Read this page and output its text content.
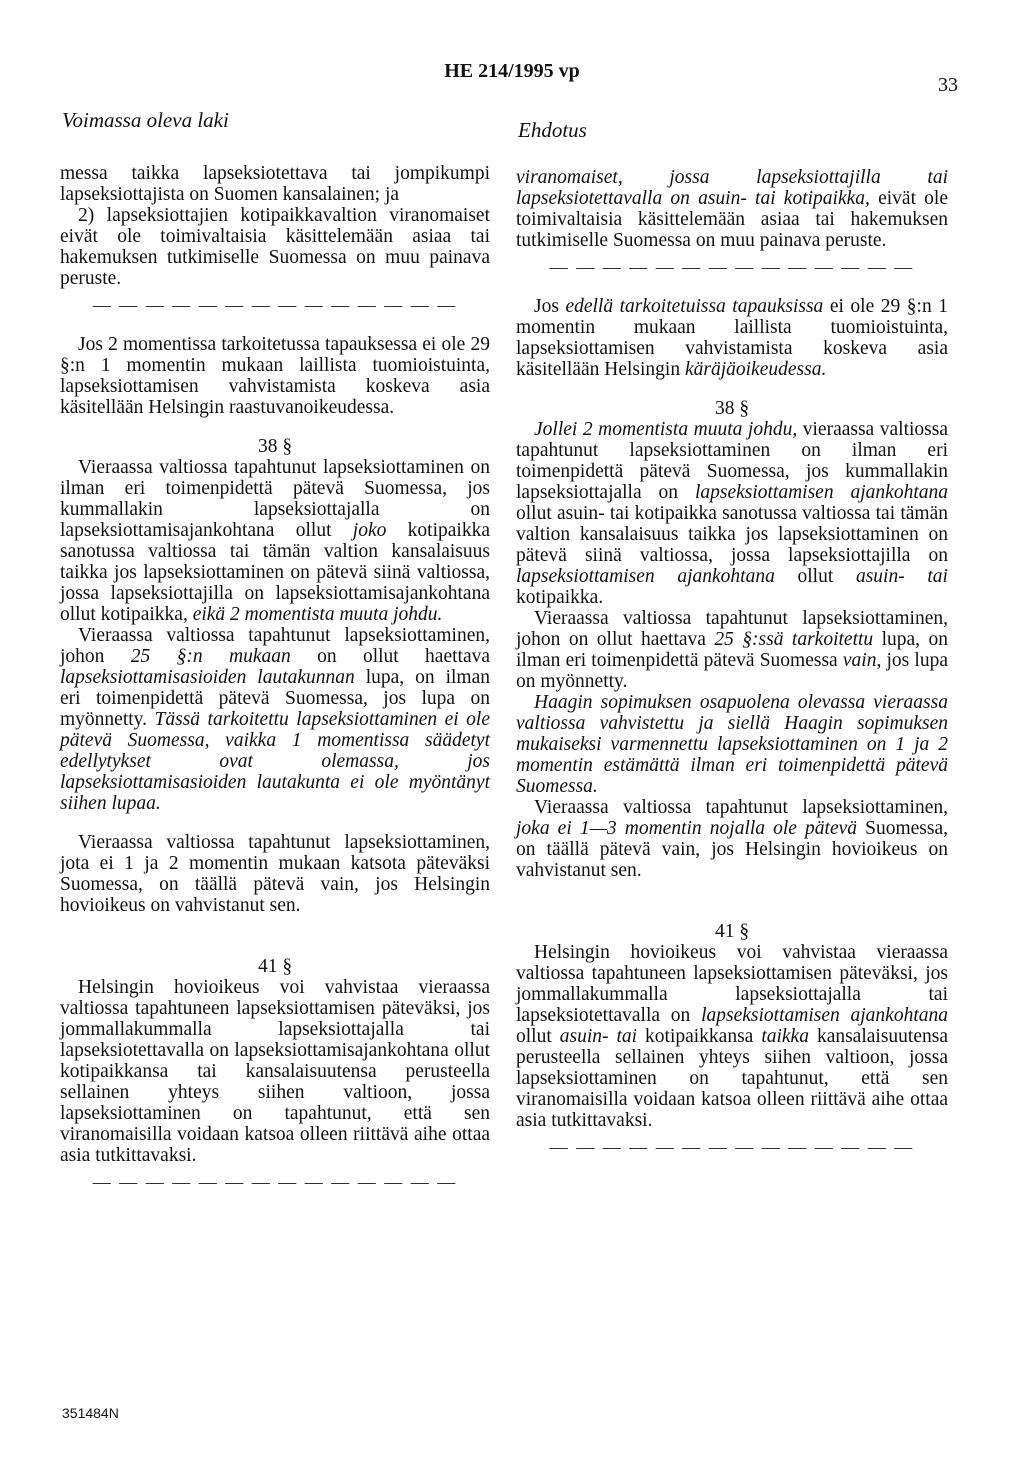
HE 214/1995 vp
33
Voimassa oleva laki	Ehdotus

messa taikka lapseksiotettava tai jompikumpi lapseksiottajista on Suomen kansalainen; ja

2) lapseksiottajien kotipaikkavaltion viranomaiset eivät ole toimivaltaisia käsittelemään asiaa tai hakemuksen tutkimiselle Suomessa on muu painava peruste.

— — — — — — — — — — — — — —

Jos 2 momentissa tarkoitetussa tapauksessa ei ole 29 §:n 1 momentin mukaan laillista tuomioistuinta, lapseksiottamisen vahvistamista koskeva asia käsitellään Helsingin raastuvanoikeudessa.

38 §

Vieraassa valtiossa tapahtunut lapseksiottaminen on ilman eri toimenpidettä pätevä Suomessa, jos kummallakin lapseksiottajalla on lapseksiottamisajankohtana ollut joko kotipaikka sanotussa valtiossa tai tämän valtion kansalaisuus taikka jos lapseksiottaminen on pätevä siinä valtiossa, jossa lapseksiottajilla on lapseksiottamisajankohtana ollut kotipaikka, eikä 2 momentista muuta johdu.

Vieraassa valtiossa tapahtunut lapseksiottaminen, johon 25 §:n mukaan on ollut haettava lapseksiottamisasioiden lautakunnan lupa, on ilman eri toimenpidettä pätevä Suomessa, jos lupa on myönnetty. Tässä tarkoitettu lapseksiottaminen ei ole pätevä Suomessa, vaikka 1 momentissa säädetyt edellytykset ovat olemassa, jos lapseksiottamisasioiden lautakunta ei ole myöntänyt siihen lupaa.

Vieraassa valtiossa tapahtunut lapseksiottaminen, jota ei 1 ja 2 momentin mukaan katsota päteväksi Suomessa, on täällä pätevä vain, jos Helsingin hovioikeus on vahvistanut sen.

41 §

Helsingin hovioikeus voi vahvistaa vieraassa valtiossa tapahtuneen lapseksiottamisen päteväksi, jos jommallakummalla lapseksiottajalla tai lapseksiotettavalla on lapseksiottamisajankohtana ollut kotipaikkansa tai kansalaisuutensa perusteella sellainen yhteys siihen valtioon, jossa lapseksiottaminen on tapahtunut, että sen viranomaisilla voidaan katsoa olleen riittävä aihe ottaa asia tutkittavaksi.

— — — — — — — — — — — — — —

viranomaiset, jossa lapseksiottajilla tai lapseksiotettavalla on asuin- tai kotipaikka, eivät ole toimivaltaisia käsittelemään asiaa tai hakemuksen tutkimiselle Suomessa on muu painava peruste.

— — — — — — — — — — — — — —

Jos edellä tarkoitetuissa tapauksissa ei ole 29 §:n 1 momentin mukaan laillista tuomioistuinta, lapseksiottamisen vahvistamista koskeva asia käsitellään Helsingin käräjäoikeudessa.

38 §

Jollei 2 momentista muuta johdu, vieraassa valtiossa tapahtunut lapseksiottaminen on ilman eri toimenpidettä pätevä Suomessa, jos kummallakin lapseksiottajalla on lapseksiottamisen ajankohtana ollut asuin- tai kotipaikka sanotussa valtiossa tai tämän valtion kansalaisuus taikka jos lapseksiottaminen on pätevä siinä valtiossa, jossa lapseksiottajilla on lapseksiottamisen ajankohtana ollut asuin- tai kotipaikka.

Vieraassa valtiossa tapahtunut lapseksiottaminen, johon on ollut haettava 25 §:ssä tarkoitettu lupa, on ilman eri toimenpidettä pätevä Suomessa vain, jos lupa on myönnetty.

Haagin sopimuksen osapuolena olevassa vieraassa valtiossa vahvistettu ja siellä Haagin sopimuksen mukaiseksi varmennettu lapseksiottaminen on 1 ja 2 momentin estämättä ilman eri toimenpidettä pätevä Suomessa.

Vieraassa valtiossa tapahtunut lapseksiottaminen, joka ei 1—3 momentin nojalla ole pätevä Suomessa, on täällä pätevä vain, jos Helsingin hovioikeus on vahvistanut sen.

41 §

Helsingin hovioikeus voi vahvistaa vieraassa valtiossa tapahtuneen lapseksiottamisen päteväksi, jos jommallakummalla lapseksiottajalla tai lapseksiotettavalla on lapseksiottamisen ajankohtana ollut asuin- tai kotipaikkansa taikka kansalaisuutensa perusteella sellainen yhteys siihen valtioon, jossa lapseksiottaminen on tapahtunut, että sen viranomaisilla voidaan katsoa olleen riittävä aihe ottaa asia tutkittavaksi.

— — — — — — — — — — — — — —
351484N
